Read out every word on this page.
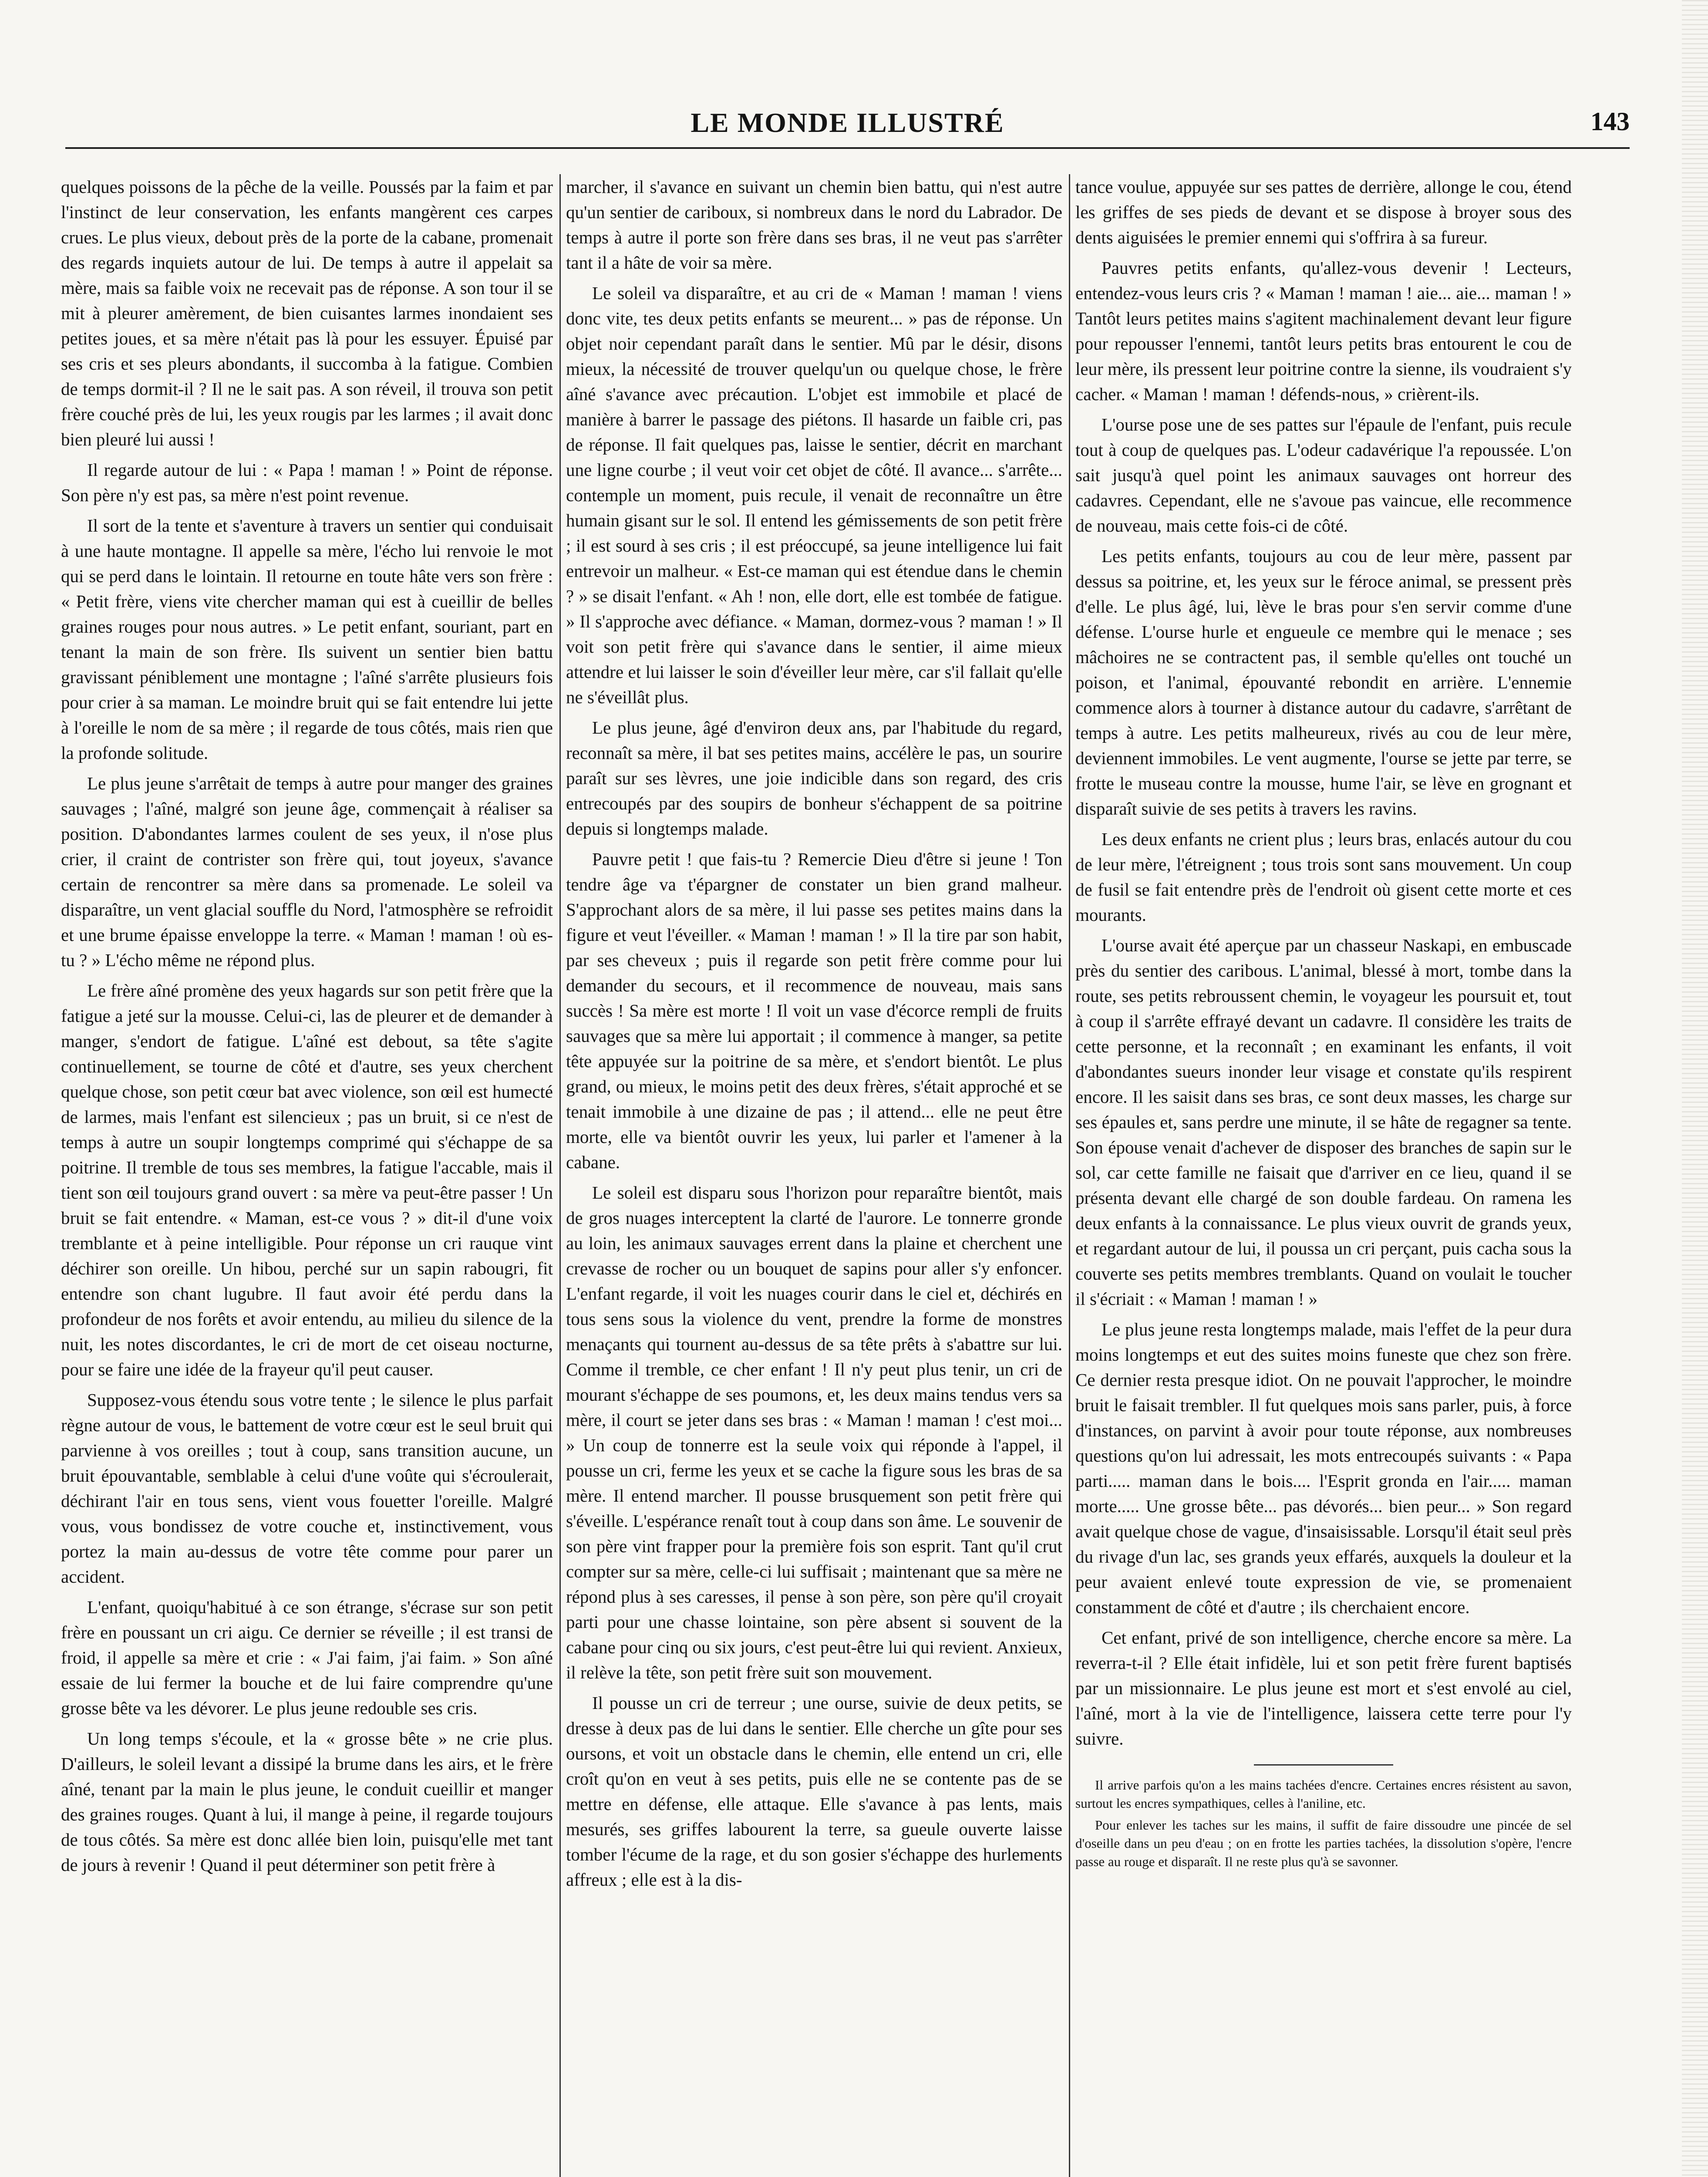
LE MONDE ILLUSTRÉ	143

quelques poissons de la pêche de la veille. Poussés par la faim et par l'instinct de leur conservation, les enfants mangèrent ces carpes crues. Le plus vieux, debout près de la porte de la cabane, promenait des regards inquiets autour de lui. De temps à autre il appelait sa mère, mais sa faible voix ne recevait pas de réponse. A son tour il se mit à pleurer amèrement, de bien cuisantes larmes inondaient ses petites joues, et sa mère n'était pas là pour les essuyer. Épuisé par ses cris et ses pleurs abondants, il succomba à la fatigue. Combien de temps dormit-il ? Il ne le sait pas. A son réveil, il trouva son petit frère couché près de lui, les yeux rougis par les larmes ; il avait donc bien pleuré lui aussi !

Il regarde autour de lui : « Papa ! maman ! » Point de réponse. Son père n'y est pas, sa mère n'est point revenue.

Il sort de la tente et s'aventure à travers un sentier qui conduisait à une haute montagne. Il appelle sa mère, l'écho lui renvoie le mot qui se perd dans le lointain. Il retourne en toute hâte vers son frère : « Petit frère, viens vite chercher maman qui est à cueillir de belles graines rouges pour nous autres. » Le petit enfant, souriant, part en tenant la main de son frère. Ils suivent un sentier bien battu gravissant péniblement une montagne ; l'aîné s'arrête plusieurs fois pour crier à sa maman. Le moindre bruit qui se fait entendre lui jette à l'oreille le nom de sa mère ; il regarde de tous côtés, mais rien que la profonde solitude.

Le plus jeune s'arrêtait de temps à autre pour manger des graines sauvages ; l'aîné, malgré son jeune âge, commençait à réaliser sa position. D'abondantes larmes coulent de ses yeux, il n'ose plus crier, il craint de contrister son frère qui, tout joyeux, s'avance certain de rencontrer sa mère dans sa promenade. Le soleil va disparaître, un vent glacial souffle du Nord, l'atmosphère se refroidit et une brume épaisse enveloppe la terre. « Maman ! maman ! où es-tu ? » L'écho même ne répond plus.

Le frère aîné promène des yeux hagards sur son petit frère que la fatigue a jeté sur la mousse. Celui-ci, las de pleurer et de demander à manger, s'endort de fatigue. L'aîné est debout, sa tête s'agite continuellement, se tourne de côté et d'autre, ses yeux cherchent quelque chose, son petit cœur bat avec violence, son œil est humecté de larmes, mais l'enfant est silencieux ; pas un bruit, si ce n'est de temps à autre un soupir longtemps comprimé qui s'échappe de sa poitrine. Il tremble de tous ses membres, la fatigue l'accable, mais il tient son œil toujours grand ouvert : sa mère va peut-être passer ! Un bruit se fait entendre. « Maman, est-ce vous ? » dit-il d'une voix tremblante et à peine intelligible. Pour réponse un cri rauque vint déchirer son oreille. Un hibou, perché sur un sapin rabougri, fit entendre son chant lugubre. Il faut avoir été perdu dans la profondeur de nos forêts et avoir entendu, au milieu du silence de la nuit, les notes discordantes, le cri de mort de cet oiseau nocturne, pour se faire une idée de la frayeur qu'il peut causer.

Supposez-vous étendu sous votre tente ; le silence le plus parfait règne autour de vous, le battement de votre cœur est le seul bruit qui parvienne à vos oreilles ; tout à coup, sans transition aucune, un bruit épouvantable, semblable à celui d'une voûte qui s'écroulerait, déchirant l'air en tous sens, vient vous fouetter l'oreille. Malgré vous, vous bondissez de votre couche et, instinctivement, vous portez la main au-dessus de votre tête comme pour parer un accident.

L'enfant, quoiqu'habitué à ce son étrange, s'écrase sur son petit frère en poussant un cri aigu. Ce dernier se réveille ; il est transi de froid, il appelle sa mère et crie : « J'ai faim, j'ai faim. » Son aîné essaie de lui fermer la bouche et de lui faire comprendre qu'une grosse bête va les dévorer. Le plus jeune redouble ses cris.

Un long temps s'écoule, et la « grosse bête » ne crie plus. D'ailleurs, le soleil levant a dissipé la brume dans les airs, et le frère aîné, tenant par la main le plus jeune, le conduit cueillir et manger des graines rouges. Quant à lui, il mange à peine, il regarde toujours de tous côtés. Sa mère est donc allée bien loin, puisqu'elle met tant de jours à revenir ! Quand il peut déterminer son petit frère à

marcher, il s'avance en suivant un chemin bien battu, qui n'est autre qu'un sentier de cariboux, si nombreux dans le nord du Labrador. De temps à autre il porte son frère dans ses bras, il ne veut pas s'arrêter tant il a hâte de voir sa mère.

Le soleil va disparaître, et au cri de « Maman ! maman ! viens donc vite, tes deux petits enfants se meurent... » pas de réponse. Un objet noir cependant paraît dans le sentier. Mû par le désir, disons mieux, la nécessité de trouver quelqu'un ou quelque chose, le frère aîné s'avance avec précaution. L'objet est immobile et placé de manière à barrer le passage des piétons. Il hasarde un faible cri, pas de réponse. Il fait quelques pas, laisse le sentier, décrit en marchant une ligne courbe ; il veut voir cet objet de côté. Il avance... s'arrête... contemple un moment, puis recule, il venait de reconnaître un être humain gisant sur le sol. Il entend les gémissements de son petit frère ; il est sourd à ses cris ; il est préoccupé, sa jeune intelligence lui fait entrevoir un malheur. « Est-ce maman qui est étendue dans le chemin ? » se disait l'enfant. « Ah ! non, elle dort, elle est tombée de fatigue. » Il s'approche avec défiance. « Maman, dormez-vous ? maman ! » Il voit son petit frère qui s'avance dans le sentier, il aime mieux attendre et lui laisser le soin d'éveiller leur mère, car s'il fallait qu'elle ne s'éveillât plus.

Le plus jeune, âgé d'environ deux ans, par l'habitude du regard, reconnaît sa mère, il bat ses petites mains, accélère le pas, un sourire paraît sur ses lèvres, une joie indicible dans son regard, des cris entrecoupés par des soupirs de bonheur s'échappent de sa poitrine depuis si longtemps malade.

Pauvre petit ! que fais-tu ? Remercie Dieu d'être si jeune ! Ton tendre âge va t'épargner de constater un bien grand malheur. S'approchant alors de sa mère, il lui passe ses petites mains dans la figure et veut l'éveiller. « Maman ! maman ! » Il la tire par son habit, par ses cheveux ; puis il regarde son petit frère comme pour lui demander du secours, et il recommence de nouveau, mais sans succès ! Sa mère est morte ! Il voit un vase d'écorce rempli de fruits sauvages que sa mère lui apportait ; il commence à manger, sa petite tête appuyée sur la poitrine de sa mère, et s'endort bientôt. Le plus grand, ou mieux, le moins petit des deux frères, s'était approché et se tenait immobile à une dizaine de pas ; il attend... elle ne peut être morte, elle va bientôt ouvrir les yeux, lui parler et l'amener à la cabane.

Le soleil est disparu sous l'horizon pour reparaître bientôt, mais de gros nuages interceptent la clarté de l'aurore. Le tonnerre gronde au loin, les animaux sauvages errent dans la plaine et cherchent une crevasse de rocher ou un bouquet de sapins pour aller s'y enfoncer. L'enfant regarde, il voit les nuages courir dans le ciel et, déchirés en tous sens sous la violence du vent, prendre la forme de monstres menaçants qui tournent au-dessus de sa tête prêts à s'abattre sur lui. Comme il tremble, ce cher enfant ! Il n'y peut plus tenir, un cri de mourant s'échappe de ses poumons, et, les deux mains tendus vers sa mère, il court se jeter dans ses bras : « Maman ! maman ! c'est moi... » Un coup de tonnerre est la seule voix qui réponde à l'appel, il pousse un cri, ferme les yeux et se cache la figure sous les bras de sa mère. Il entend marcher. Il pousse brusquement son petit frère qui s'éveille. L'espérance renaît tout à coup dans son âme. Le souvenir de son père vint frapper pour la première fois son esprit. Tant qu'il crut compter sur sa mère, celle-ci lui suffisait ; maintenant que sa mère ne répond plus à ses caresses, il pense à son père, son père qu'il croyait parti pour une chasse lointaine, son père absent si souvent de la cabane pour cinq ou six jours, c'est peut-être lui qui revient. Anxieux, il relève la tête, son petit frère suit son mouvement.

Il pousse un cri de terreur ; une ourse, suivie de deux petits, se dresse à deux pas de lui dans le sentier. Elle cherche un gîte pour ses oursons, et voit un obstacle dans le chemin, elle entend un cri, elle croît qu'on en veut à ses petits, puis elle ne se contente pas de se mettre en défense, elle attaque. Elle s'avance à pas lents, mais mesurés, ses griffes labourent la terre, sa gueule ouverte laisse tomber l'écume de la rage, et du son gosier s'échappe des hurlements affreux ; elle est à la dis-

tance voulue, appuyée sur ses pattes de derrière, allonge le cou, étend les griffes de ses pieds de devant et se dispose à broyer sous des dents aiguisées le premier ennemi qui s'offrira à sa fureur.

Pauvres petits enfants, qu'allez-vous devenir ! Lecteurs, entendez-vous leurs cris ? « Maman ! maman ! aie... aie... maman ! » Tantôt leurs petites mains s'agitent machinalement devant leur figure pour repousser l'ennemi, tantôt leurs petits bras entourent le cou de leur mère, ils pressent leur poitrine contre la sienne, ils voudraient s'y cacher. « Maman ! maman ! défends-nous, » crièrent-ils.

L'ourse pose une de ses pattes sur l'épaule de l'enfant, puis recule tout à coup de quelques pas. L'odeur cadavérique l'a repoussée. L'on sait jusqu'à quel point les animaux sauvages ont horreur des cadavres. Cependant, elle ne s'avoue pas vaincue, elle recommence de nouveau, mais cette fois-ci de côté.

Les petits enfants, toujours au cou de leur mère, passent par dessus sa poitrine, et, les yeux sur le féroce animal, se pressent près d'elle. Le plus âgé, lui, lève le bras pour s'en servir comme d'une défense. L'ourse hurle et engueule ce membre qui le menace ; ses mâchoires ne se contractent pas, il semble qu'elles ont touché un poison, et l'animal, épouvanté rebondit en arrière. L'ennemie commence alors à tourner à distance autour du cadavre, s'arrêtant de temps à autre. Les petits malheureux, rivés au cou de leur mère, deviennent immobiles. Le vent augmente, l'ourse se jette par terre, se frotte le museau contre la mousse, hume l'air, se lève en grognant et disparaît suivie de ses petits à travers les ravins.

Les deux enfants ne crient plus ; leurs bras, enlacés autour du cou de leur mère, l'étreignent ; tous trois sont sans mouvement. Un coup de fusil se fait entendre près de l'endroit où gisent cette morte et ces mourants.

L'ourse avait été aperçue par un chasseur Naskapi, en embuscade près du sentier des caribous. L'animal, blessé à mort, tombe dans la route, ses petits rebroussent chemin, le voyageur les poursuit et, tout à coup il s'arrête effrayé devant un cadavre. Il considère les traits de cette personne, et la reconnaît ; en examinant les enfants, il voit d'abondantes sueurs inonder leur visage et constate qu'ils respirent encore. Il les saisit dans ses bras, ce sont deux masses, les charge sur ses épaules et, sans perdre une minute, il se hâte de regagner sa tente. Son épouse venait d'achever de disposer des branches de sapin sur le sol, car cette famille ne faisait que d'arriver en ce lieu, quand il se présenta devant elle chargé de son double fardeau. On ramena les deux enfants à la connaissance. Le plus vieux ouvrit de grands yeux, et regardant autour de lui, il poussa un cri perçant, puis cacha sous la couverte ses petits membres tremblants. Quand on voulait le toucher il s'écriait : « Maman ! maman ! »

Le plus jeune resta longtemps malade, mais l'effet de la peur dura moins longtemps et eut des suites moins funeste que chez son frère. Ce dernier resta presque idiot. On ne pouvait l'approcher, le moindre bruit le faisait trembler. Il fut quelques mois sans parler, puis, à force d'instances, on parvint à avoir pour toute réponse, aux nombreuses questions qu'on lui adressait, les mots entrecoupés suivants : « Papa parti..... maman dans le bois.... l'Esprit gronda en l'air..... maman morte..... Une grosse bête... pas dévorés... bien peur... » Son regard avait quelque chose de vague, d'insaisissable. Lorsqu'il était seul près du rivage d'un lac, ses grands yeux effarés, auxquels la douleur et la peur avaient enlevé toute expression de vie, se promenaient constamment de côté et d'autre ; ils cherchaient encore.

Cet enfant, privé de son intelligence, cherche encore sa mère. La reverra-t-il ? Elle était infidèle, lui et son petit frère furent baptisés par un missionnaire. Le plus jeune est mort et s'est envolé au ciel, l'aîné, mort à la vie de l'intelligence, laissera cette terre pour l'y suivre.

Il arrive parfois qu'on a les mains tachées d'encre. Certaines encres résistent au savon, surtout les encres sympathiques, celles à l'aniline, etc.

Pour enlever les taches sur les mains, il suffit de faire dissoudre une pincée de sel d'oseille dans un peu d'eau ; on en frotte les parties tachées, la dissolution s'opère, l'encre passe au rouge et disparaît. Il ne reste plus qu'à se savonner.
